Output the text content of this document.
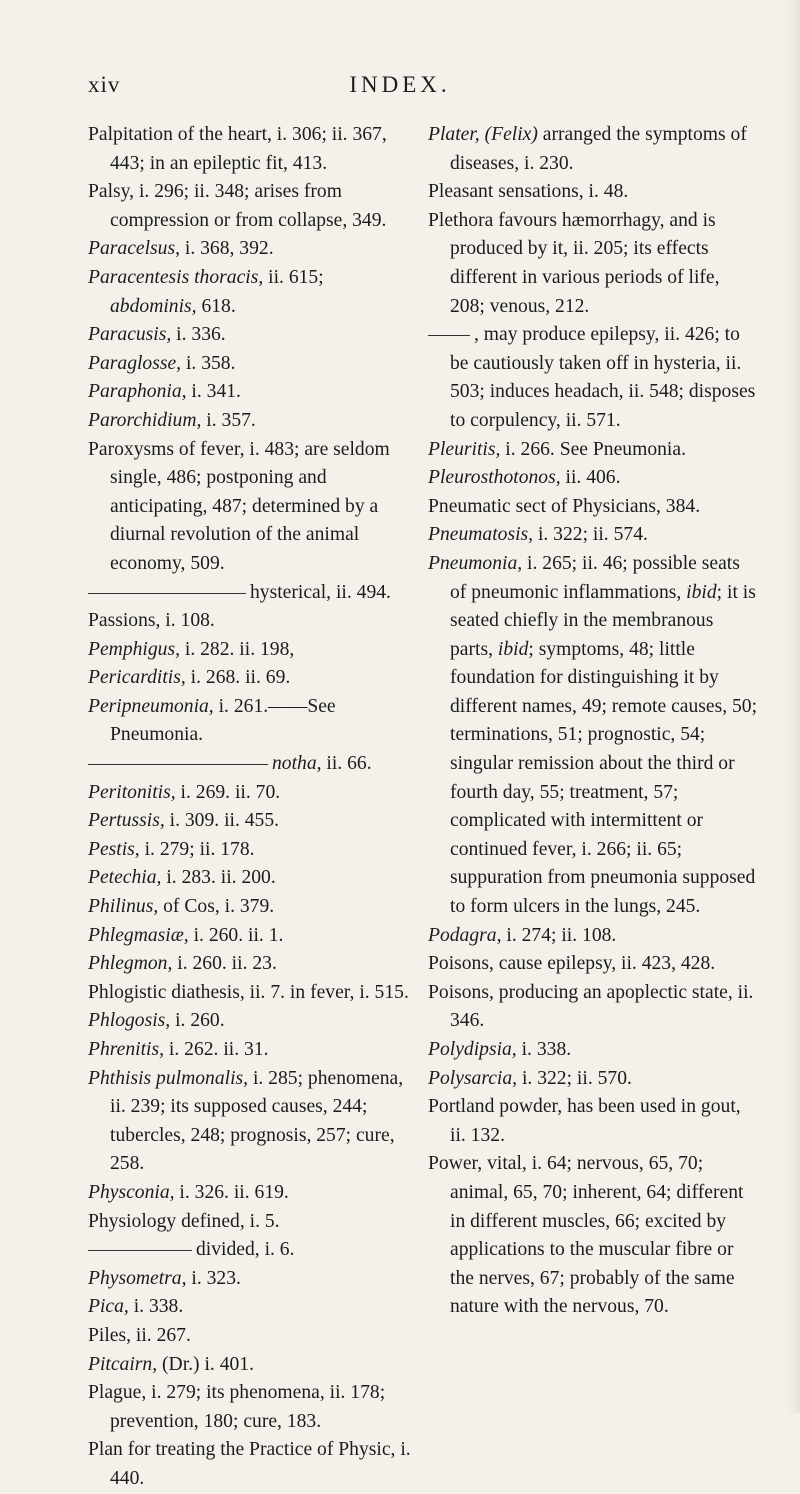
xiv	INDEX.

Palpitation of the heart, i. 306; ii. 367, 443; in an epileptic fit, 413.

Palsy, i. 296; ii. 348; arises from compression or from collapse, 349.

Paracelsus, i. 368, 392.

Paracentesis thoracis, ii. 615; abdominis, 618.

Paracusis, i. 336.

Paraglosse, i. 358.

Paraphonia, i. 341.

Parorchidium, i. 357.

Paroxysms of fever, i. 483; are seldom single, 486; postponing and anticipating, 487; determined by a diurnal revolution of the animal economy, 509.

hysterical, ii. 494.

Passions, i. 108.

Pemphigus, i. 282. ii. 198,

Pericarditis, i. 268. ii. 69.

Peripneumonia, i. 261.——See Pneumonia.

notha, ii. 66.

Peritonitis, i. 269. ii. 70.

Pertussis, i. 309. ii. 455.

Pestis, i. 279; ii. 178.

Petechia, i. 283. ii. 200.

Philinus, of Cos, i. 379.

Phlegmasiæ, i. 260. ii. 1.

Phlegmon, i. 260. ii. 23.

Phlogistic diathesis, ii. 7. in fever, i. 515.

Phlogosis, i. 260.

Phrenitis, i. 262. ii. 31.

Phthisis pulmonalis, i. 285; phenomena, ii. 239; its supposed causes, 244; tubercles, 248; prognosis, 257; cure, 258.

Physconia, i. 326. ii. 619.

Physiology defined, i. 5.

divided, i. 6.

Physometra, i. 323.

Pica, i. 338.

Piles, ii. 267.

Pitcairn, (Dr.) i. 401.

Plague, i. 279; its phenomena, ii. 178; prevention, 180; cure, 183.

Plan for treating the Practice of Physic, i. 440.

Plater, (Felix) arranged the symptoms of diseases, i. 230.

Pleasant sensations, i. 48.

Plethora favours hæmorrhagy, and is produced by it, ii. 205; its effects different in various periods of life, 208; venous, 212.

, may produce epilepsy, ii. 426; to be cautiously taken off in hysteria, ii. 503; induces headach, ii. 548; disposes to corpulency, ii. 571.

Pleuritis, i. 266. See Pneumonia.

Pleurosthotonos, ii. 406.

Pneumatic sect of Physicians, 384.

Pneumatosis, i. 322; ii. 574.

Pneumonia, i. 265; ii. 46; possible seats of pneumonic inflammations, ibid; it is seated chiefly in the membranous parts, ibid; symptoms, 48; little foundation for distinguishing it by different names, 49; remote causes, 50; terminations, 51; prognostic, 54; singular remission about the third or fourth day, 55; treatment, 57; complicated with intermittent or continued fever, i. 266; ii. 65; suppuration from pneumonia supposed to form ulcers in the lungs, 245.

Podagra, i. 274; ii. 108.

Poisons, cause epilepsy, ii. 423, 428.

Poisons, producing an apoplectic state, ii. 346.

Polydipsia, i. 338.

Polysarcia, i. 322; ii. 570.

Portland powder, has been used in gout, ii. 132.

Power, vital, i. 64; nervous, 65, 70; animal, 65, 70; inherent, 64; different in different muscles, 66; excited by applications to the muscular fibre or the nerves, 67; probably of the same nature with the nervous, 70.
